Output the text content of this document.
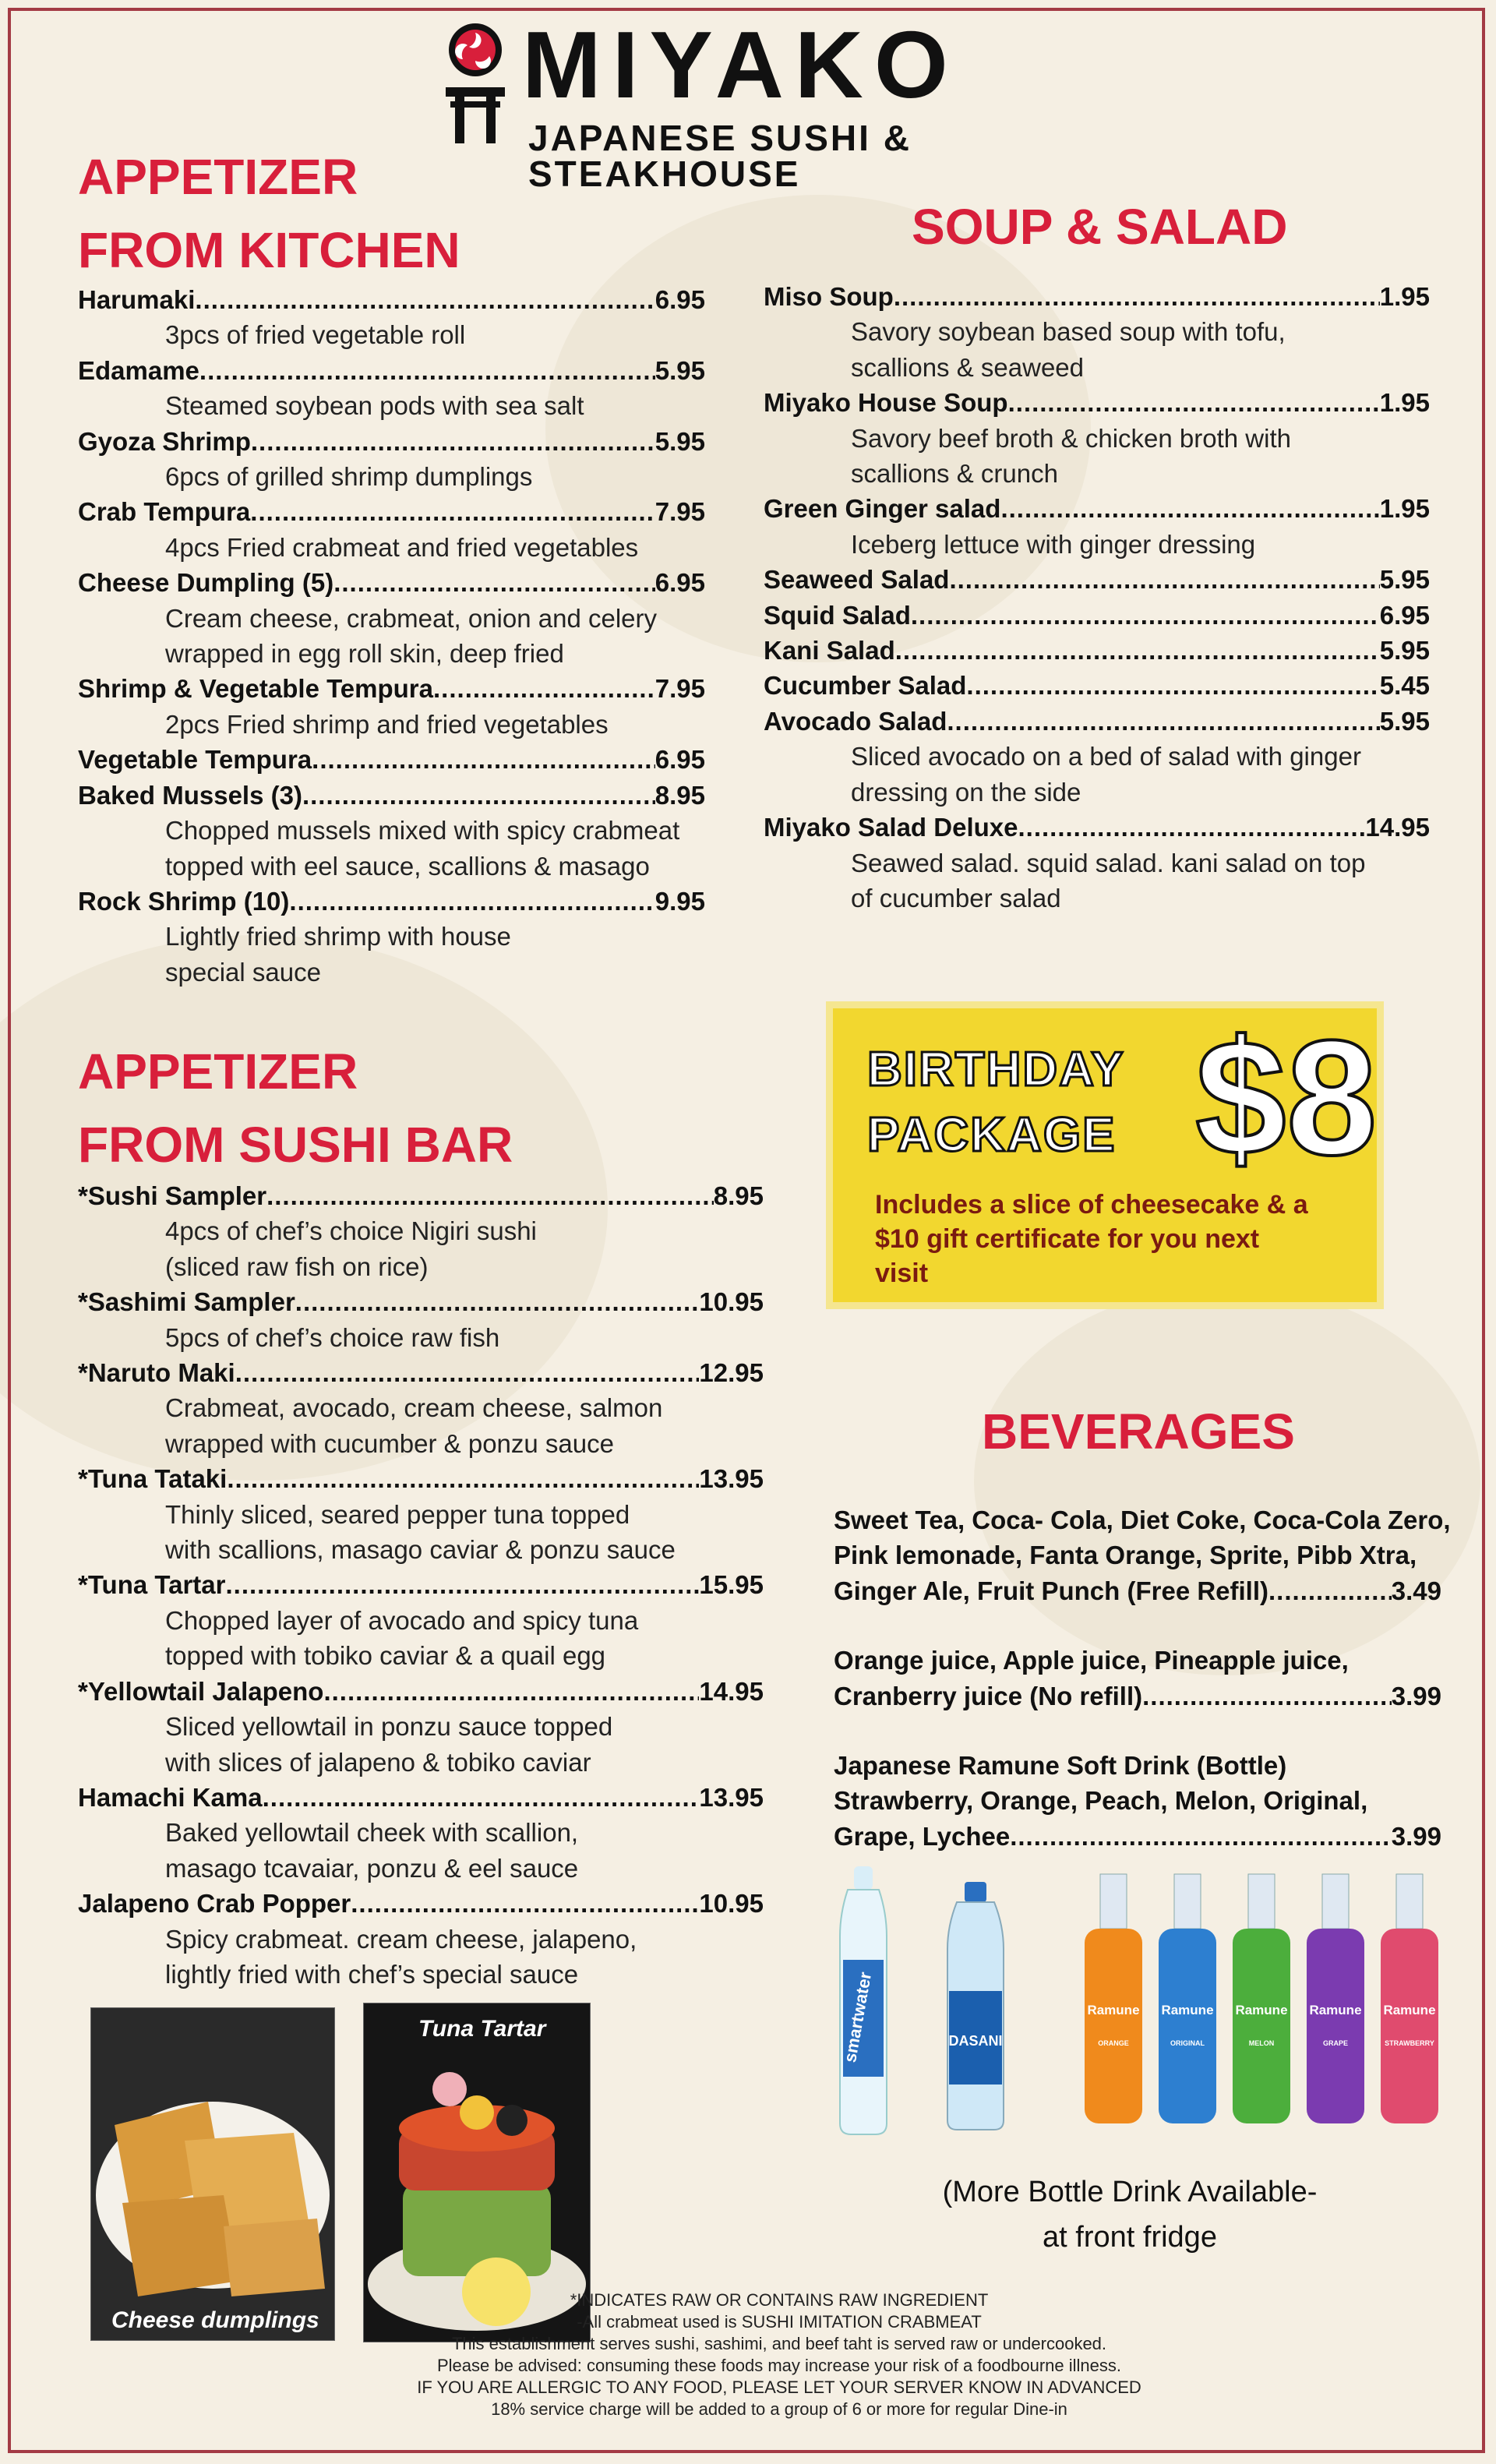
MIYAKO
JAPANESE SUSHI & STEAKHOUSE
APPETIZER
FROM KITCHEN
Harumaki .....	6.95
3pcs of fried vegetable roll
Edamame .....	5.95
Steamed soybean pods with sea salt
Gyoza Shrimp .....	5.95
6pcs of grilled shrimp dumplings
Crab Tempura .....	7.95
4pcs Fried crabmeat and fried vegetables
Cheese Dumpling (5) .....	6.95
Cream cheese, crabmeat, onion and celery
wrapped in egg roll skin, deep fried
Shrimp & Vegetable Tempura .....	7.95
2pcs Fried shrimp and fried vegetables
Vegetable Tempura .....	6.95
Baked Mussels (3) .....	8.95
Chopped mussels mixed with spicy crabmeat
topped with eel sauce, scallions & masago
Rock Shrimp (10) .....	9.95
Lightly fried shrimp with house
special sauce
APPETIZER
FROM SUSHI BAR
*Sushi Sampler .....	8.95
4pcs of chef’s choice Nigiri sushi
(sliced raw fish on rice)
*Sashimi Sampler .....	10.95
5pcs of chef’s choice raw fish
*Naruto Maki .....	12.95
Crabmeat, avocado, cream cheese, salmon
wrapped with cucumber & ponzu sauce
*Tuna Tataki .....	13.95
Thinly sliced, seared pepper tuna topped
with scallions, masago caviar & ponzu sauce
*Tuna Tartar .....	15.95
Chopped layer of avocado and spicy tuna
topped with tobiko caviar & a quail egg
*Yellowtail Jalapeno .....	14.95
Sliced yellowtail in ponzu sauce topped
with slices of jalapeno & tobiko caviar
Hamachi Kama .....	13.95
Baked yellowtail cheek with scallion,
masago tcavaiar, ponzu & eel sauce
Jalapeno Crab Popper .....	10.95
Spicy crabmeat. cream cheese, jalapeno,
lightly fried with chef’s special sauce
SOUP & SALAD
Miso Soup .....	1.95
Savory soybean based soup with tofu,
scallions & seaweed
Miyako House Soup .....	1.95
Savory beef broth & chicken broth with
scallions & crunch
Green Ginger salad .....	1.95
Iceberg lettuce with ginger dressing
Seaweed Salad .....	5.95
Squid Salad .....	6.95
Kani Salad .....	5.95
Cucumber Salad .....	5.45
Avocado Salad .....	5.95
Sliced avocado on a bed of salad with ginger
dressing on the side
Miyako Salad Deluxe .....	14.95
Seawed salad. squid salad. kani salad on top
of cucumber salad
BIRTHDAY
PACKAGE $8
Includes a slice of cheesecake & a $10 gift certificate for you next visit
BEVERAGES
Sweet Tea, Coca- Cola, Diet Coke, Coca-Cola Zero,
Pink lemonade, Fanta Orange, Sprite, Pibb Xtra,
Ginger Ale, Fruit Punch (Free Refill) .....	3.49
Orange juice, Apple juice, Pineapple juice,
Cranberry juice (No refill) .....	3.99
Japanese Ramune Soft Drink (Bottle)
Strawberry, Orange, Peach, Melon, Original,
Grape, Lychee .....	3.99
smartwater	DASANI
Ramune
ORANGE
Ramune
ORIGINAL
Ramune
MELON
Ramune
GRAPE
Ramune
STRAWBERRY
(More Bottle Drink Available-
at front fridge
Cheese dumplings
Tuna Tartar
*INDICATES RAW OR CONTAINS RAW INGREDIENT
-All crabmeat used is SUSHI IMITATION CRABMEAT
This establishment serves sushi, sashimi, and beef taht is served raw or undercooked.
Please be advised: consuming these foods may increase your risk of a foodbourne illness.
IF YOU ARE ALLERGIC TO ANY FOOD, PLEASE LET YOUR SERVER KNOW IN ADVANCED
18% service charge will be added to a group of 6 or more for regular Dine-in
